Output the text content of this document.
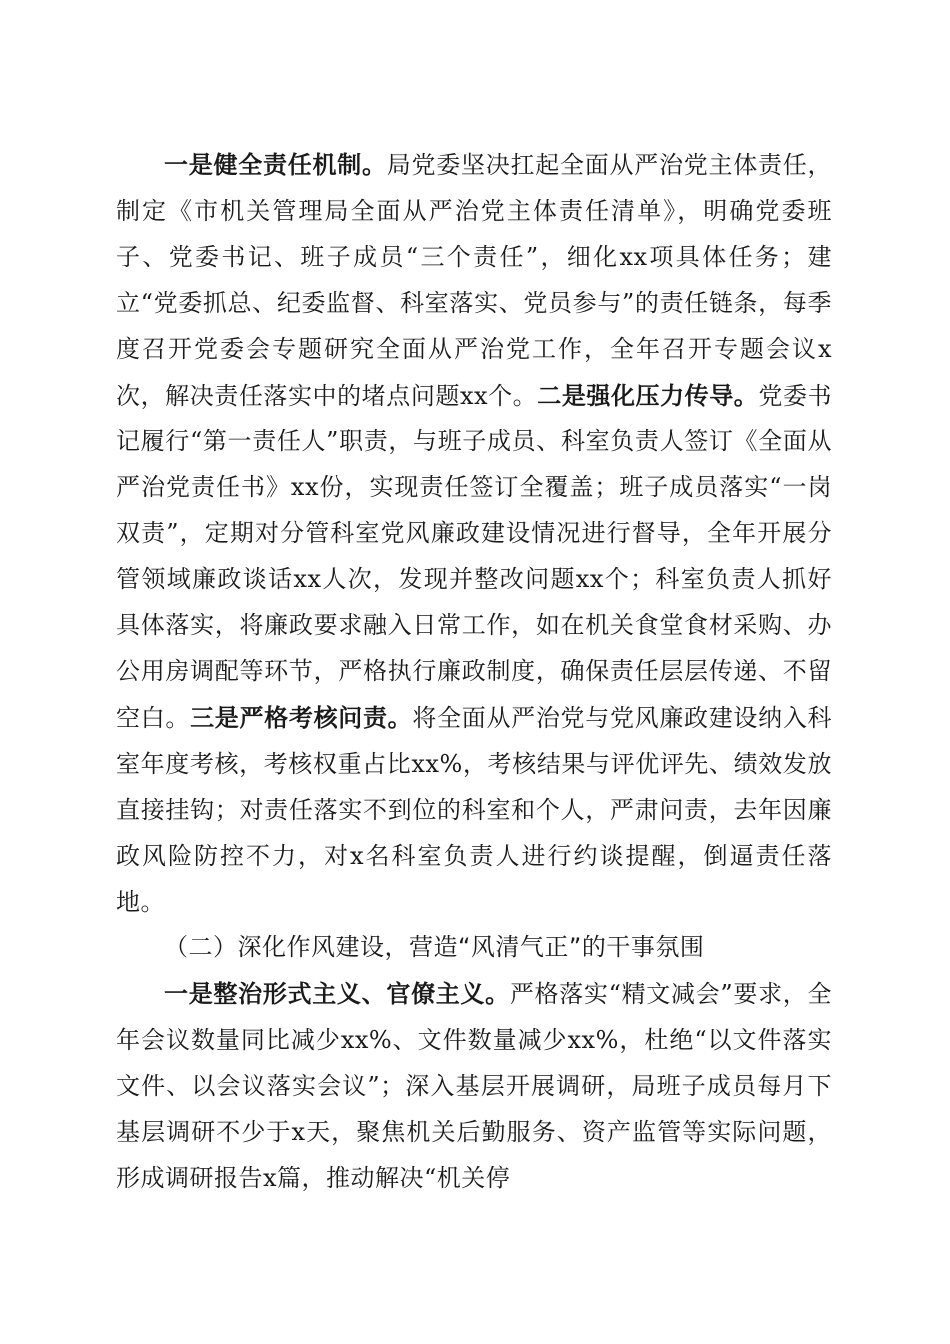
一是健全责任机制。局党委坚决扛起全面从严治党主体责任，制定《市机关管理局全面从严治党主体责任清单》，明确党委班子、党委书记、班子成员“三个责任”，细化xx项具体任务；建立“党委抓总、纪委监督、科室落实、党员参与”的责任链条，每季度召开党委会专题研究全面从严治党工作，全年召开专题会议x次，解决责任落实中的堵点问题xx个。二是强化压力传导。党委书记履行“第一责任人”职责，与班子成员、科室负责人签订《全面从严治党责任书》xx份，实现责任签订全覆盖；班子成员落实“一岗双责”，定期对分管科室党风廉政建设情况进行督导，全年开展分管领域廉政谈话xx人次，发现并整改问题xx个；科室负责人抓好具体落实，将廉政要求融入日常工作，如在机关食堂食材采购、办公用房调配等环节，严格执行廉政制度，确保责任层层传递、不留空白。三是严格考核问责。将全面从严治党与党风廉政建设纳入科室年度考核，考核权重占比xx%，考核结果与评优评先、绩效发放直接挂钩；对责任落实不到位的科室和个人，严肃问责，去年因廉政风险防控不力，对x名科室负责人进行约谈提醒，倒逼责任落地。

（二）深化作风建设，营造“风清气正”的干事氛围

一是整治形式主义、官僚主义。严格落实“精文减会”要求，全年会议数量同比减少xx%、文件数量减少xx%，杜绝“以文件落实文件、以会议落实会议”；深入基层开展调研，局班子成员每月下基层调研不少于x天，聚焦机关后勤服务、资产监管等实际问题，形成调研报告x篇，推动解决“机关停
